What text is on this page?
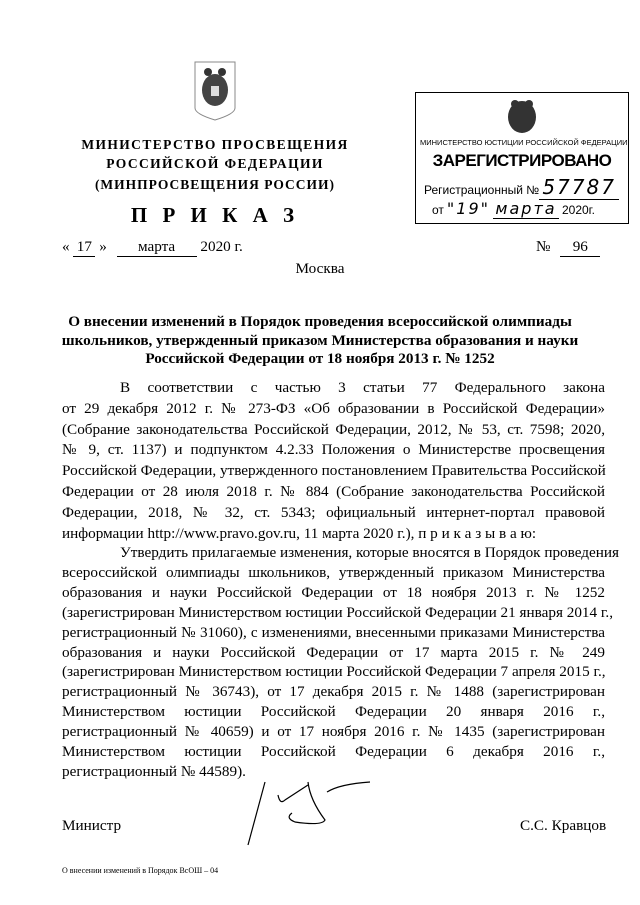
МИНИСТЕРСТВО ПРОСВЕЩЕНИЯ
РОССИЙСКОЙ ФЕДЕРАЦИИ
(МИНПРОСВЕЩЕНИЯ РОССИИ)
П Р И К А З
МИНИСТЕРСТВО ЮСТИЦИИ РОССИЙСКОЙ ФЕДЕРАЦИИ
ЗАРЕГИСТРИРОВАНО
Регистрационный № 57787
от "19" марта 2020г.
« 17 » марта 2020 г.	№ 96
Москва
О внесении изменений в Порядок проведения всероссийской олимпиады
школьников, утвержденный приказом Министерства образования и науки
Российской Федерации от 18 ноября 2013 г. № 1252
В соответствии с частью 3 статьи 77 Федерального закона
от 29 декабря 2012 г. № 273-ФЗ «Об образовании в Российской Федерации»
(Собрание законодательства Российской Федерации, 2012, № 53, ст. 7598; 2020,
№ 9, ст. 1137) и подпунктом 4.2.33 Положения о Министерстве просвещения
Российской Федерации, утвержденного постановлением Правительства Российской
Федерации от 28 июля 2018 г. № 884 (Собрание законодательства Российской
Федерации, 2018, № 32, ст. 5343; официальный интернет-портал правовой
информации http://www.pravo.gov.ru, 11 марта 2020 г.), п р и к а з ы в а ю:
Утвердить прилагаемые изменения, которые вносятся в Порядок проведения
всероссийской олимпиады школьников, утвержденный приказом Министерства
образования и науки Российской Федерации от 18 ноября 2013 г. № 1252
(зарегистрирован Министерством юстиции Российской Федерации 21 января 2014 г.,
регистрационный № 31060), с изменениями, внесенными приказами Министерства
образования и науки Российской Федерации от 17 марта 2015 г. № 249
(зарегистрирован Министерством юстиции Российской Федерации 7 апреля 2015 г.,
регистрационный № 36743), от 17 декабря 2015 г. № 1488 (зарегистрирован
Министерством юстиции Российской Федерации 20 января 2016 г.,
регистрационный № 40659) и от 17 ноября 2016 г. № 1435 (зарегистрирован
Министерством юстиции Российской Федерации 6 декабря 2016 г.,
регистрационный № 44589).
Министр	С.С. Кравцов
О внесении изменений в Порядок ВсОШ – 04
